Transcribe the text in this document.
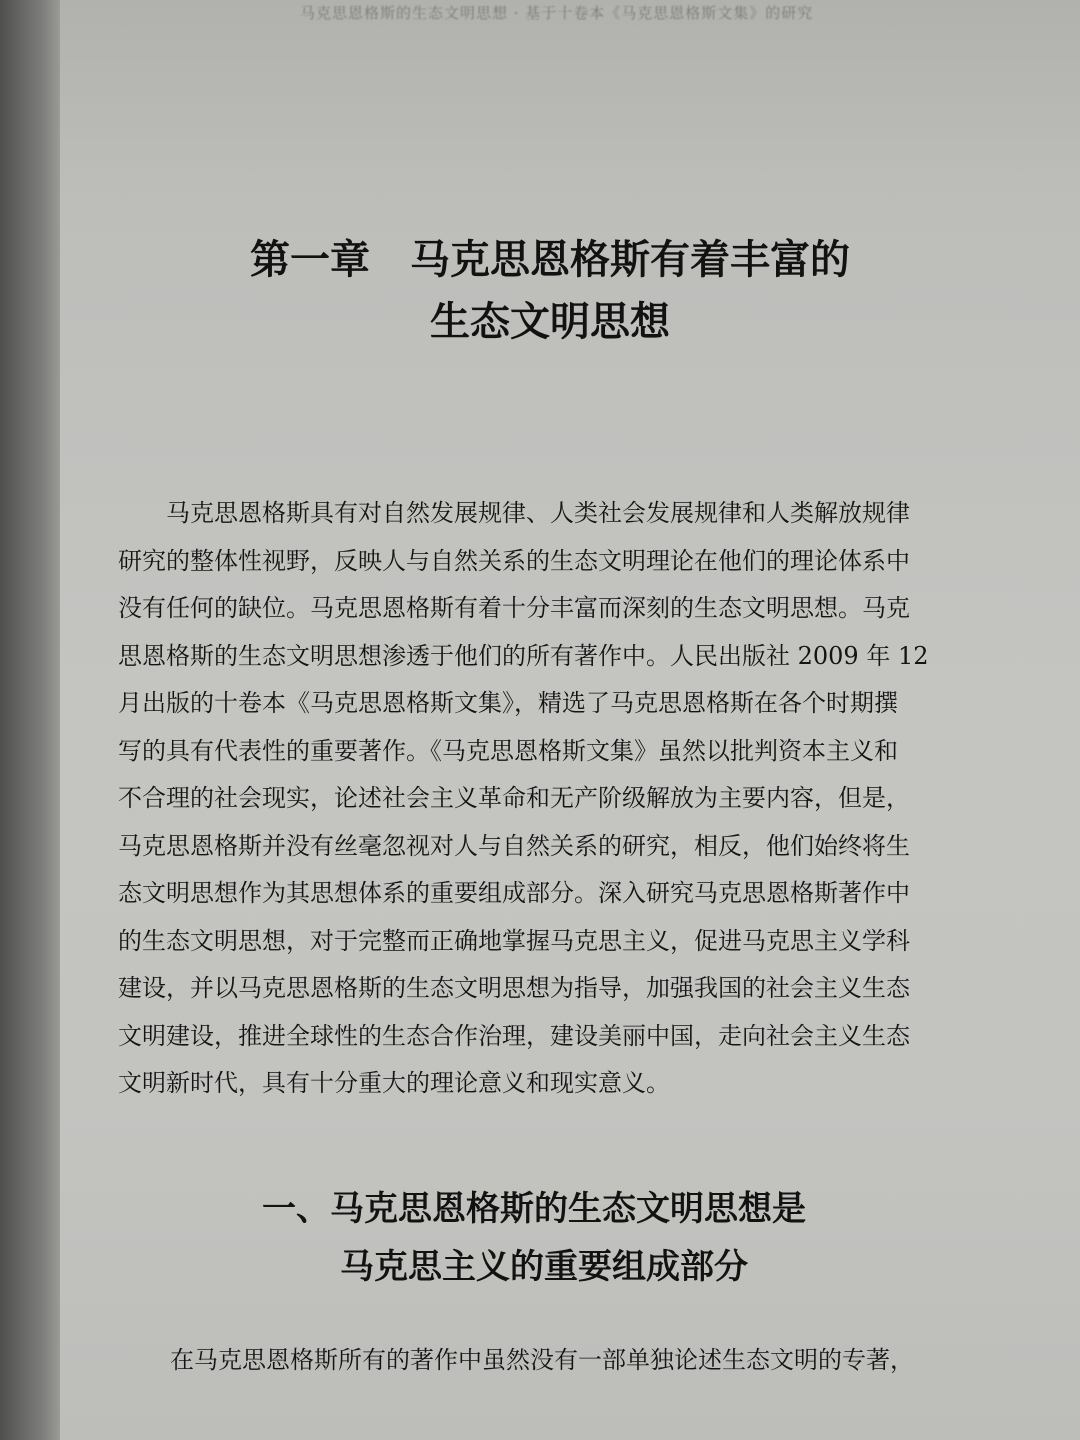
马克思恩格斯的生态文明思想 · 基于十卷本《马克思恩格斯文集》的研究

第一章 马克思恩格斯有着丰富的
生态文明思想
马克思恩格斯具有对自然发展规律、人类社会发展规律和人类解放规律
研究的整体性视野，反映人与自然关系的生态文明理论在他们的理论体系中
没有任何的缺位。马克思恩格斯有着十分丰富而深刻的生态文明思想。马克
思恩格斯的生态文明思想渗透于他们的所有著作中。人民出版社 2009 年 12
月出版的十卷本《马克思恩格斯文集》，精选了马克思恩格斯在各个时期撰
写的具有代表性的重要著作。《马克思恩格斯文集》虽然以批判资本主义和
不合理的社会现实，论述社会主义革命和无产阶级解放为主要内容，但是，
马克思恩格斯并没有丝毫忽视对人与自然关系的研究，相反，他们始终将生
态文明思想作为其思想体系的重要组成部分。深入研究马克思恩格斯著作中
的生态文明思想，对于完整而正确地掌握马克思主义，促进马克思主义学科
建设，并以马克思恩格斯的生态文明思想为指导，加强我国的社会主义生态
文明建设，推进全球性的生态合作治理，建设美丽中国，走向社会主义生态
文明新时代，具有十分重大的理论意义和现实意义。
一、马克思恩格斯的生态文明思想是
马克思主义的重要组成部分
在马克思恩格斯所有的著作中虽然没有一部单独论述生态文明的专著，
